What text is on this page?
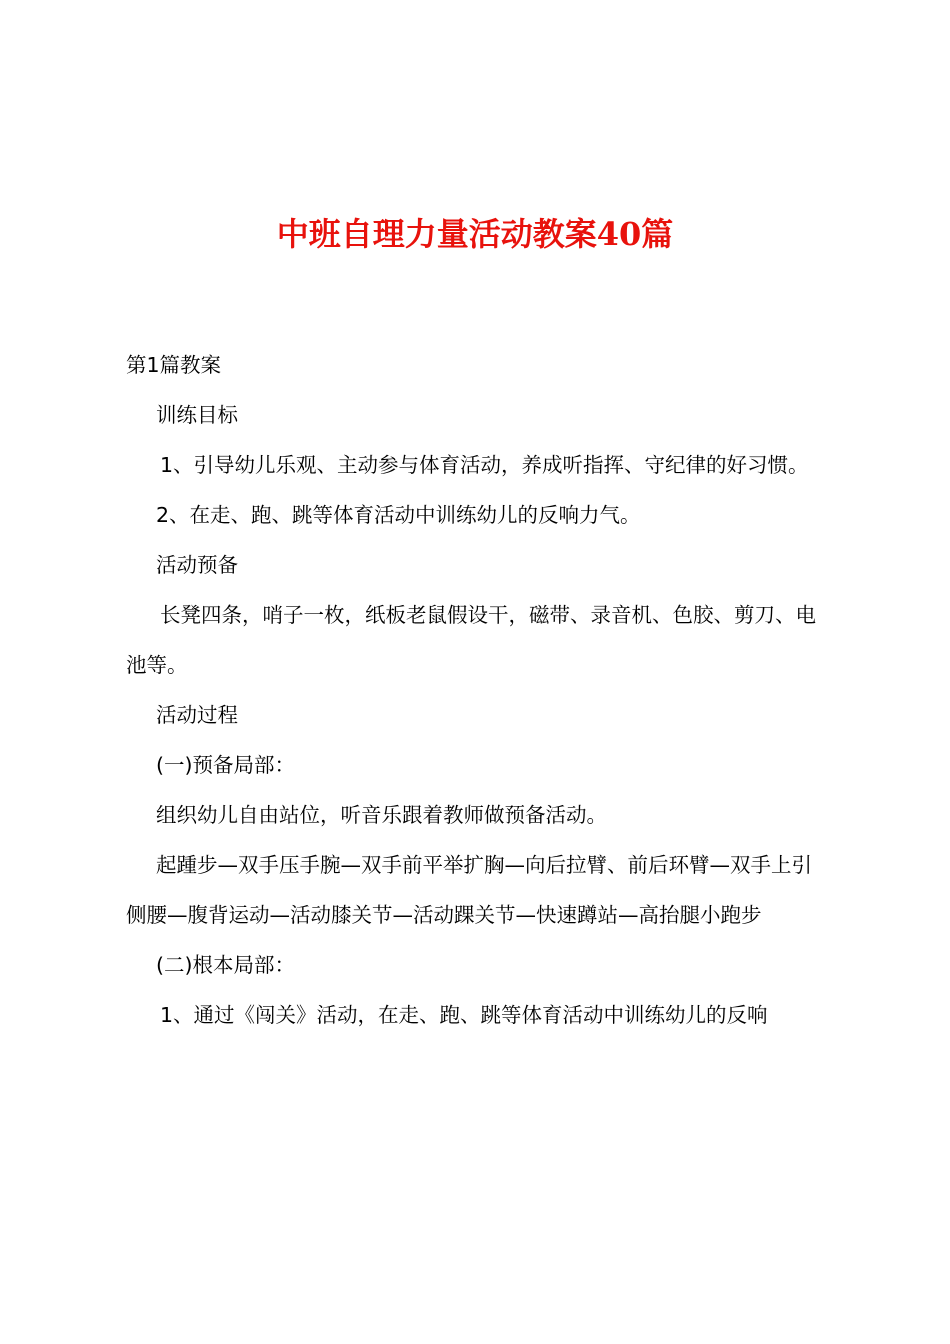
中班自理力量活动教案40篇

第1篇教案

训练目标

1、引导幼儿乐观、主动参与体育活动，养成听指挥、守纪律的好习惯。

2、在走、跑、跳等体育活动中训练幼儿的反响力气。

活动预备

长凳四条，哨子一枚，纸板老鼠假设干，磁带、录音机、色胶、剪刀、电池等。

活动过程

(一)预备局部：

组织幼儿自由站位，听音乐跟着教师做预备活动。

起踵步—双手压手腕—双手前平举扩胸—向后拉臂、前后环臂—双手上引侧腰—腹背运动—活动膝关节—活动踝关节—快速蹲站—高抬腿小跑步

(二)根本局部：

1、通过《闯关》活动，在走、跑、跳等体育活动中训练幼儿的反响
